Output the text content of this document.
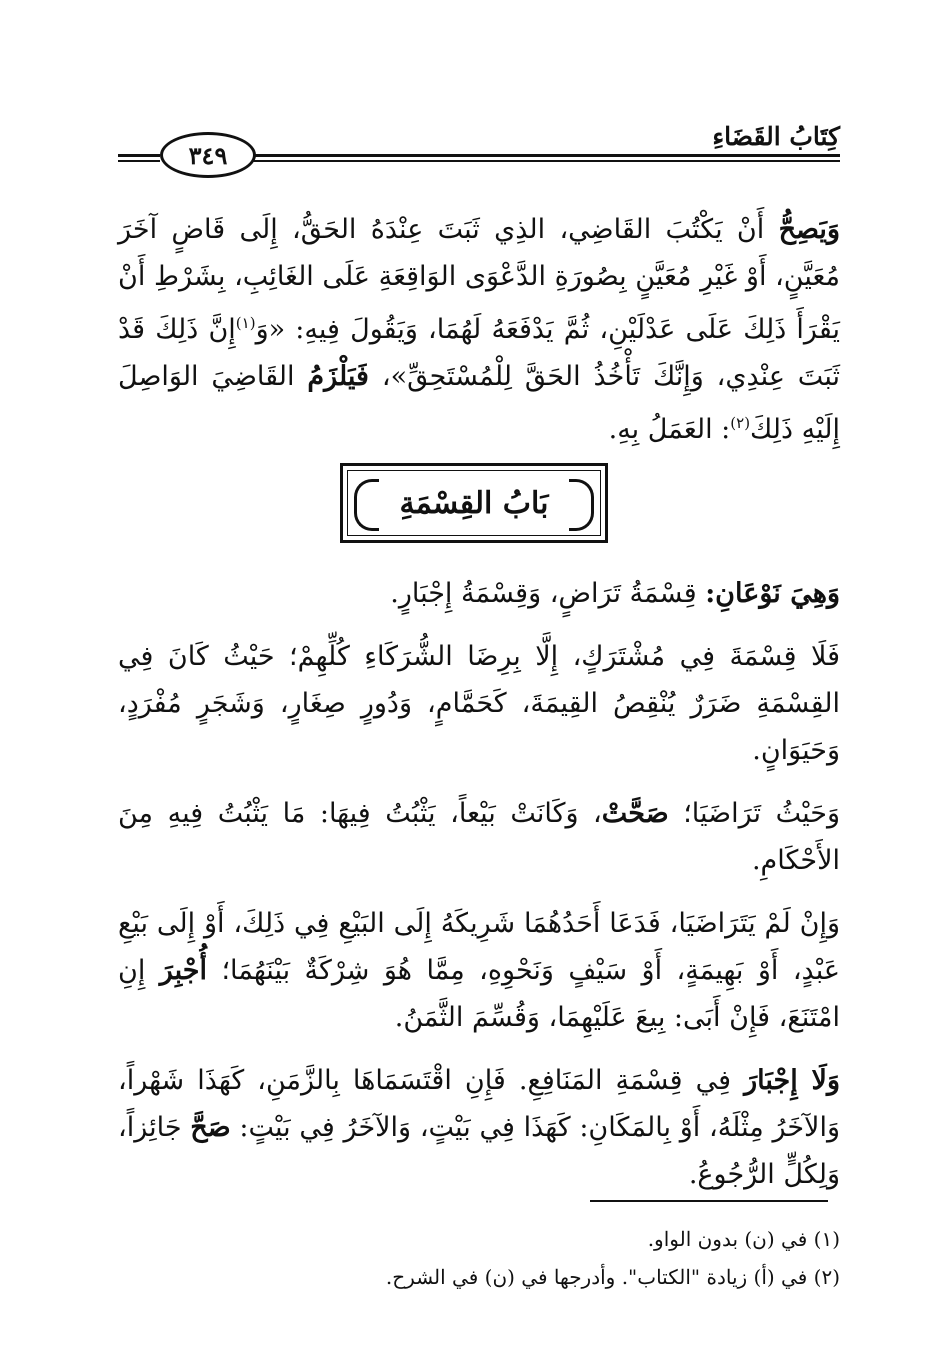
كِتَابُ القَضَاءِ
٣٤٩

وَيَصِحُّ أَنْ يَكْتُبَ القَاضِي، الذِي ثَبَتَ عِنْدَهُ الحَقُّ، إِلَى قَاضٍ آخَرَ مُعَيَّنٍ، أَوْ غَيْرِ مُعَيَّنٍ بِصُورَةِ الدَّعْوَى الوَاقِعَةِ عَلَى الغَائِبِ، بِشَرْطِ أَنْ يَقْرَأَ ذَلِكَ عَلَى عَدْلَيْنِ، ثُمَّ يَدْفَعَهُ لَهُمَا، وَيَقُولَ فِيهِ: «وَ$^{(١)}$إِنَّ ذَلِكَ قَدْ ثَبَتَ عِنْدِي، وَإِنَّكَ تَأْخُذُ الحَقَّ لِلْمُسْتَحِقِّ»، فَيَلْزَمُ القَاضِيَ الوَاصِلَ إِلَيْهِ ذَلِكَ$^{(٢)}$: العَمَلُ بِهِ.

بَابُ القِسْمَةِ

وَهِيَ نَوْعَانِ: قِسْمَةُ تَرَاضٍ، وَقِسْمَةُ إِجْبَارٍ.

فَلَا قِسْمَةَ فِي مُشْتَرَكٍ، إِلَّا بِرِضَا الشُّرَكَاءِ كُلِّهِمْ؛ حَيْثُ كَانَ فِي القِسْمَةِ ضَرَرٌ يُنْقِصُ القِيمَةَ، كَحَمَّامٍ، وَدُورٍ صِغَارٍ، وَشَجَرٍ مُفْرَدٍ، وَحَيَوَانٍ.

وَحَيْثُ تَرَاضَيَا؛ صَحَّتْ، وَكَانَتْ بَيْعاً، يَثْبُتُ فِيهَا: مَا يَثْبُتُ فِيهِ مِنَ الأَحْكَامِ.

وَإِنْ لَمْ يَتَرَاضَيَا، فَدَعَا أَحَدُهُمَا شَرِيكَهُ إِلَى البَيْعِ فِي ذَلِكَ، أَوْ إِلَى بَيْعِ عَبْدٍ، أَوْ بَهِيمَةٍ، أَوْ سَيْفٍ وَنَحْوِهِ، مِمَّا هُوَ شِرْكَةٌ بَيْنَهُمَا؛ أُجْبِرَ إِنِ امْتَنَعَ، فَإِنْ أَبَى: بِيعَ عَلَيْهِمَا، وَقُسِّمَ الثَّمَنُ.

وَلَا إِجْبَارَ فِي قِسْمَةِ المَنَافِعِ. فَإِنِ اقْتَسَمَاهَا بِالزَّمَنِ، كَهَذَا شَهْراً، وَالآخَرُ مِثْلَهُ، أَوْ بِالمَكَانِ: كَهَذَا فِي بَيْتٍ، وَالآخَرُ فِي بَيْتٍ: صَحَّ جَائِزاً، وَلِكُلٍّ الرُّجُوعُ.

(١) في (ن) بدون الواو.
(٢) في (أ) زيادة "الكتاب". وأدرجها في (ن) في الشرح.
